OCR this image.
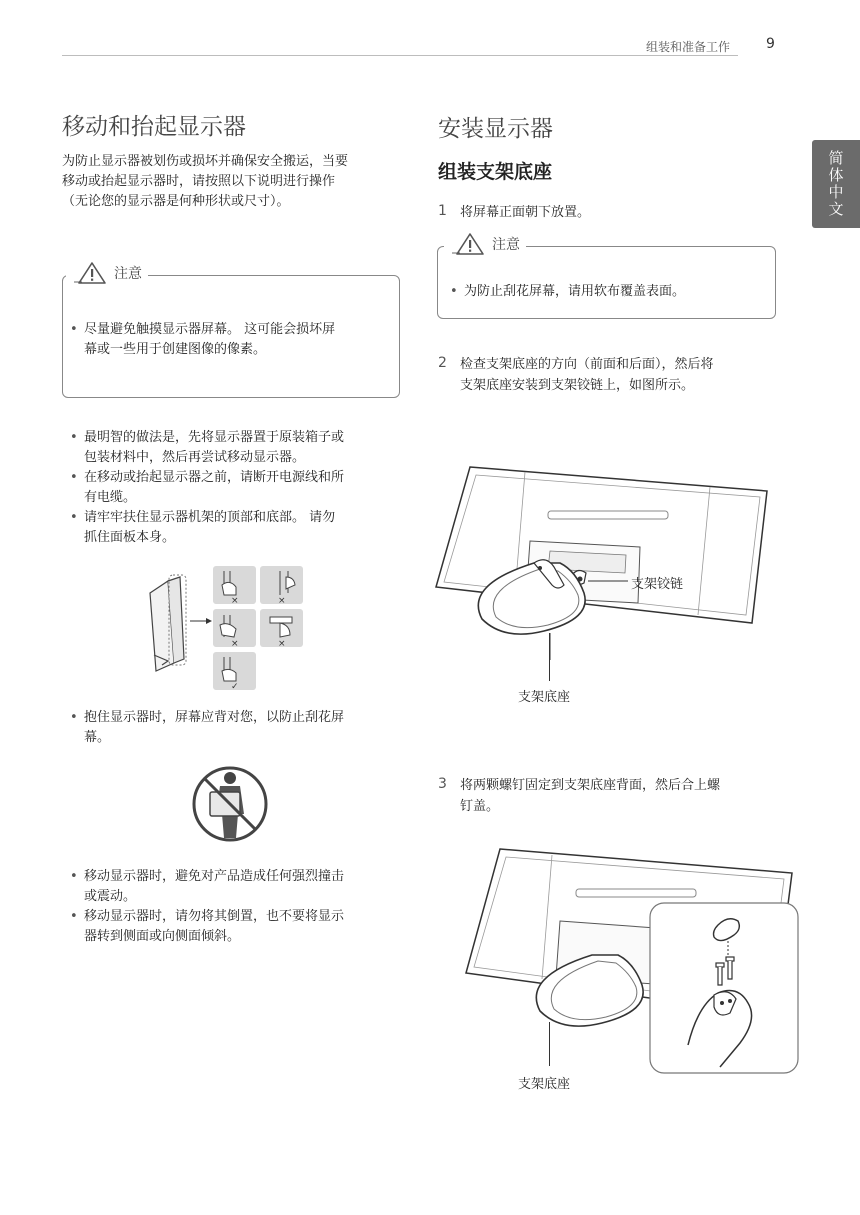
组装和准备工作	9
简体中文
移动和抬起显示器

为防止显示器被划伤或损坏并确保安全搬运，当要

移动或抬起显示器时，请按照以下说明进行操作

（无论您的显示器是何种形状或尺寸）。

注意
• 尽量避免触摸显示器屏幕。 这可能会损坏屏
幕或一些用于创建图像的像素。
• 最明智的做法是，先将显示器置于原装箱子或
包装材料中，然后再尝试移动显示器。
• 在移动或抬起显示器之前，请断开电源线和所
有电缆。
• 请牢牢扶住显示器机架的顶部和底部。 请勿
抓住面板本身。
×	×
×	×
✓
• 抱住显示器时，屏幕应背对您，以防止刮花屏
幕。
• 移动显示器时，避免对产品造成任何强烈撞击
或震动。
• 移动显示器时，请勿将其倒置，也不要将显示
器转到侧面或向侧面倾斜。
安装显示器
组装支架底座
1 将屏幕正面朝下放置。
注意
• 为防止刮花屏幕，请用软布覆盖表面。
2 检查支架底座的方向（前面和后面），然后将
支架底座安装到支架铰链上，如图所示。
支架铰链
支架底座
3 将两颗螺钉固定到支架底座背面，然后合上螺
钉盖。
支架底座
